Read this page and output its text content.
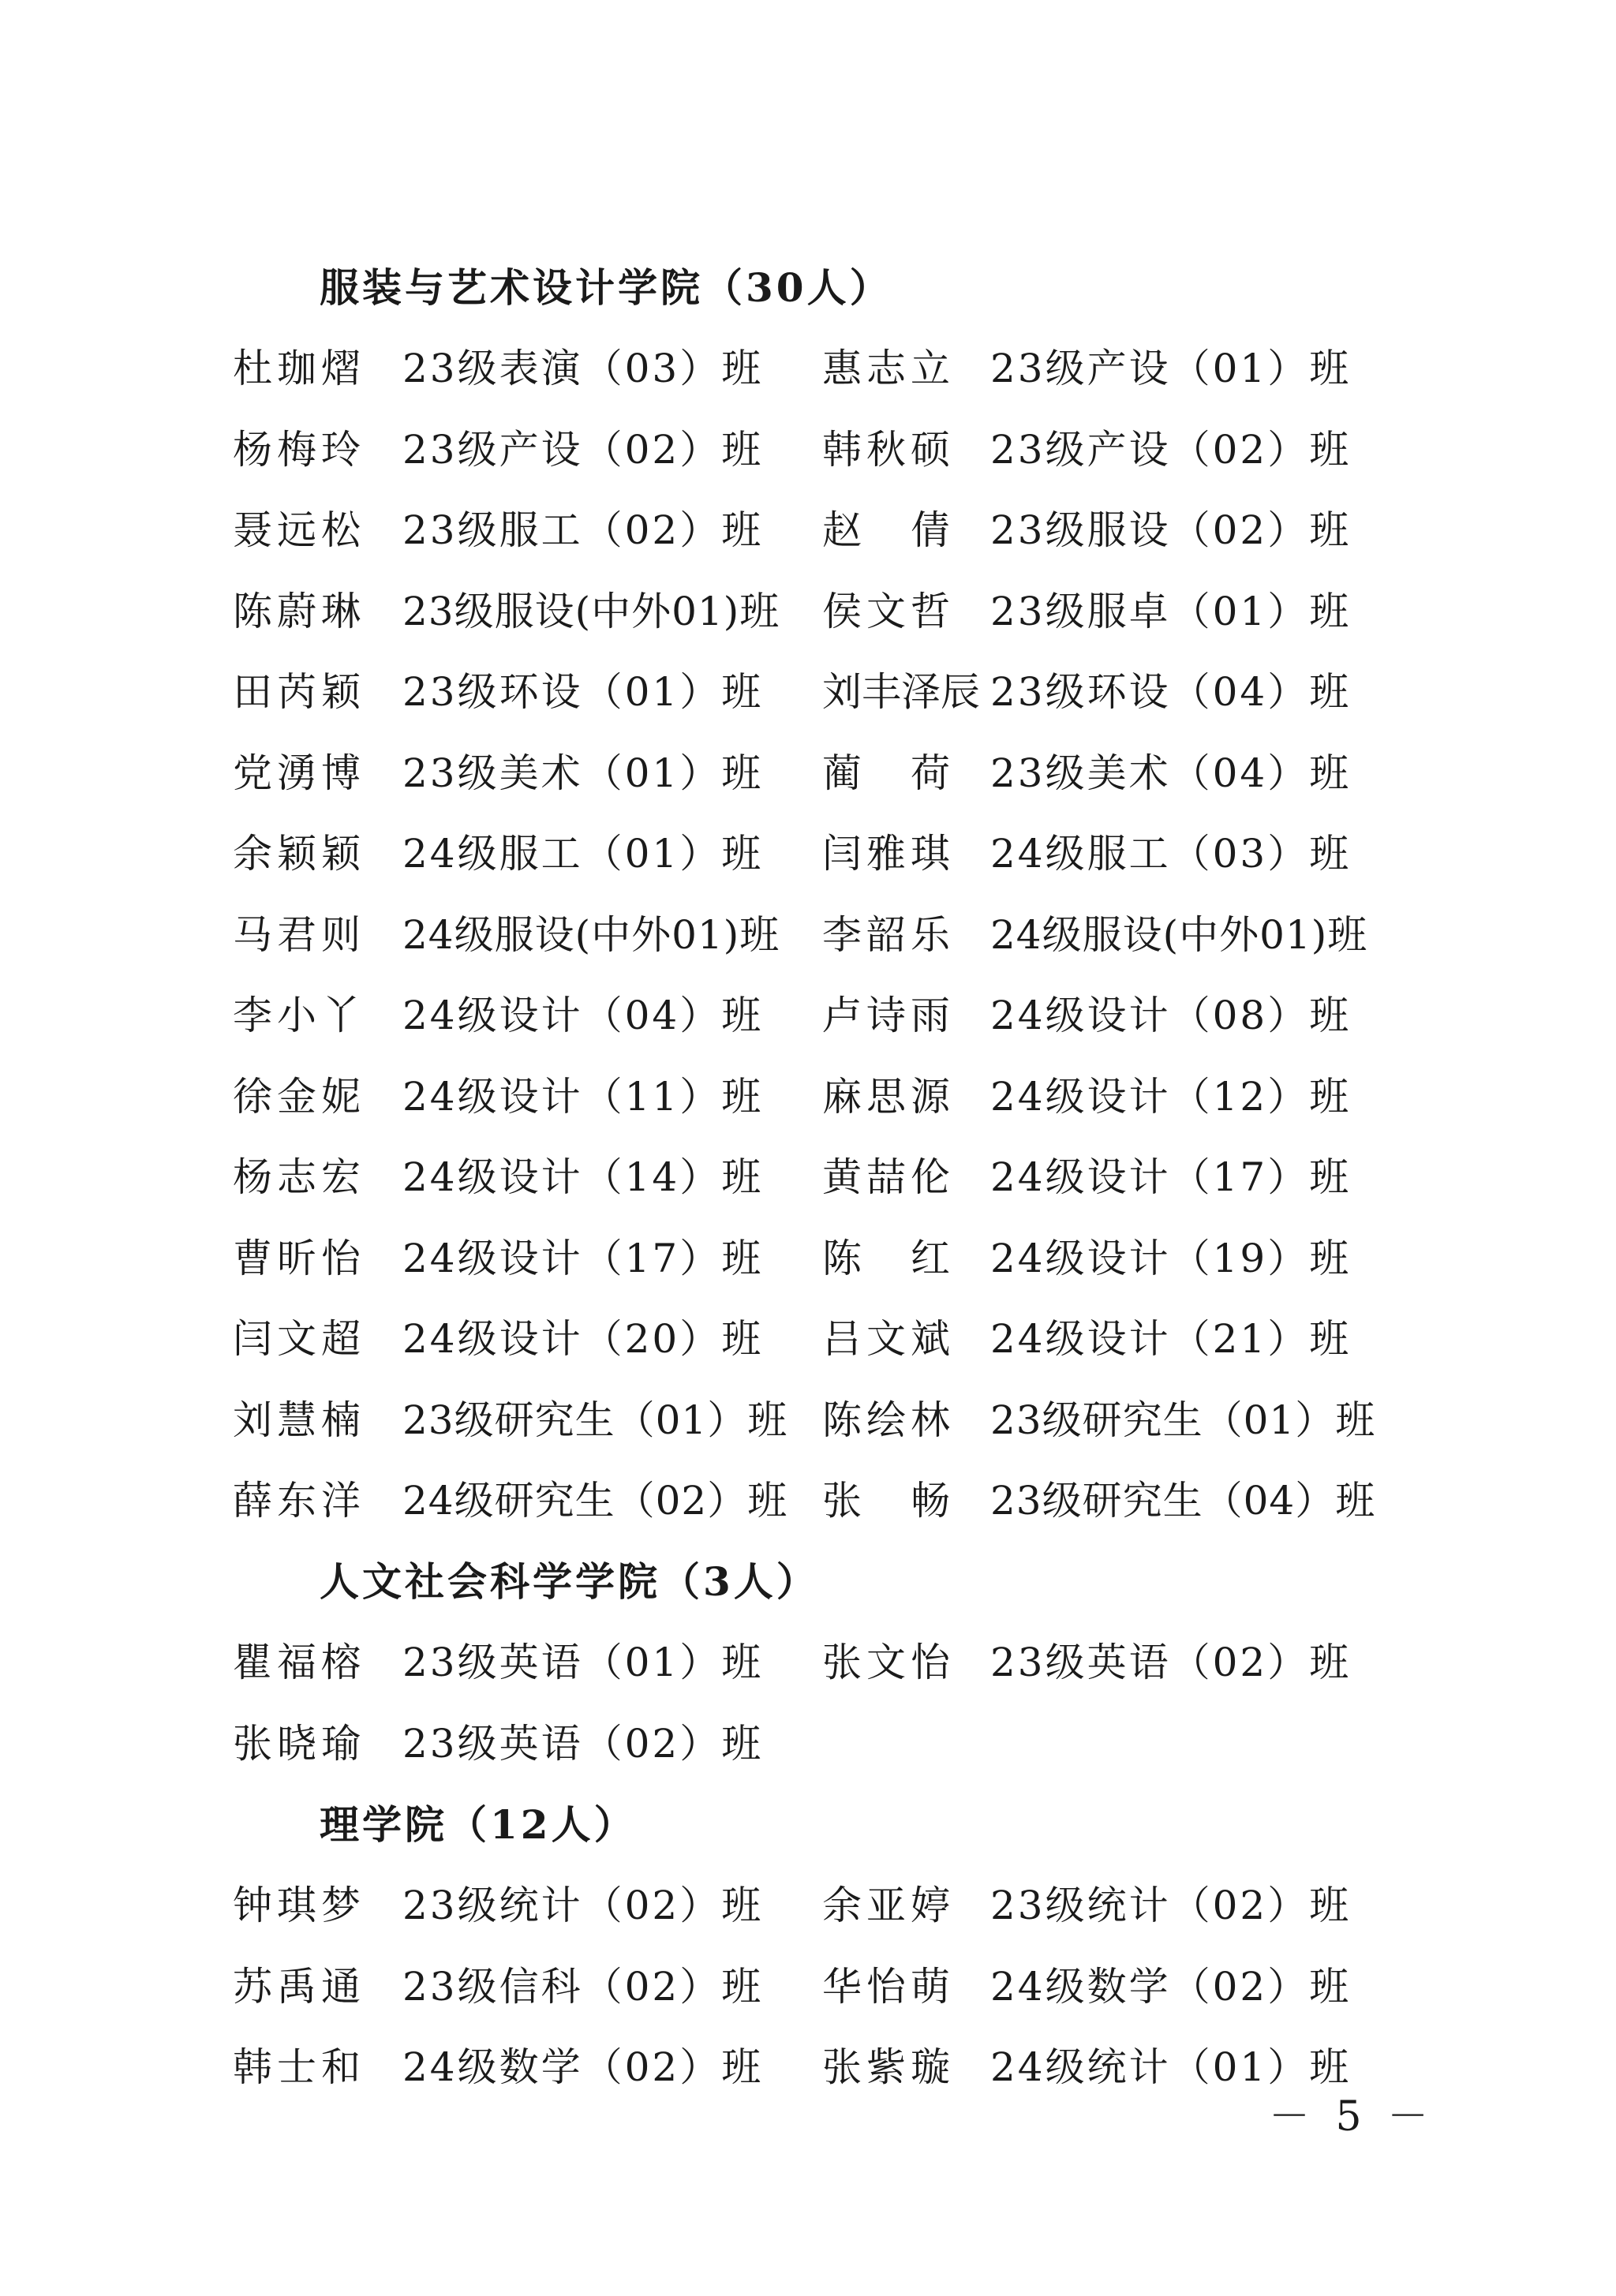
服装与艺术设计学院（30人）
杜珈熠 23级表演（03）班 惠志立 23级产设（01）班
杨梅玲 23级产设（02）班 韩秋硕 23级产设（02）班
聂远松 23级服工（02）班 赵　倩 23级服设（02）班
陈蔚琳 23级服设(中外01)班 侯文哲 23级服卓（01）班
田芮颖 23级环设（01）班 刘丰泽辰 23级环设（04）班
党湧博 23级美术（01）班 蔺　荷 23级美术（04）班
余颖颖 24级服工（01）班 闫雅琪 24级服工（03）班
马君则 24级服设(中外01)班 李韶乐 24级服设(中外01)班
李小丫 24级设计（04）班 卢诗雨 24级设计（08）班
徐金妮 24级设计（11）班 麻思源 24级设计（12）班
杨志宏 24级设计（14）班 黄喆伦 24级设计（17）班
曹昕怡 24级设计（17）班 陈　红 24级设计（19）班
闫文超 24级设计（20）班 吕文斌 24级设计（21）班
刘慧楠 23级研究生（01）班 陈绘林 23级研究生（01）班
薛东洋 24级研究生（02）班 张　畅 23级研究生（04）班
人文社会科学学院（3人）
瞿福榕 23级英语（01）班 张文怡 23级英语（02）班
张晓瑜 23级英语（02）班
理学院（12人）
钟琪梦 23级统计（02）班 余亚婷 23级统计（02）班
苏禹通 23级信科（02）班 华怡萌 24级数学（02）班
韩士和 24级数学（02）班 张紫璇 24级统计（01）班
－ 5 －
